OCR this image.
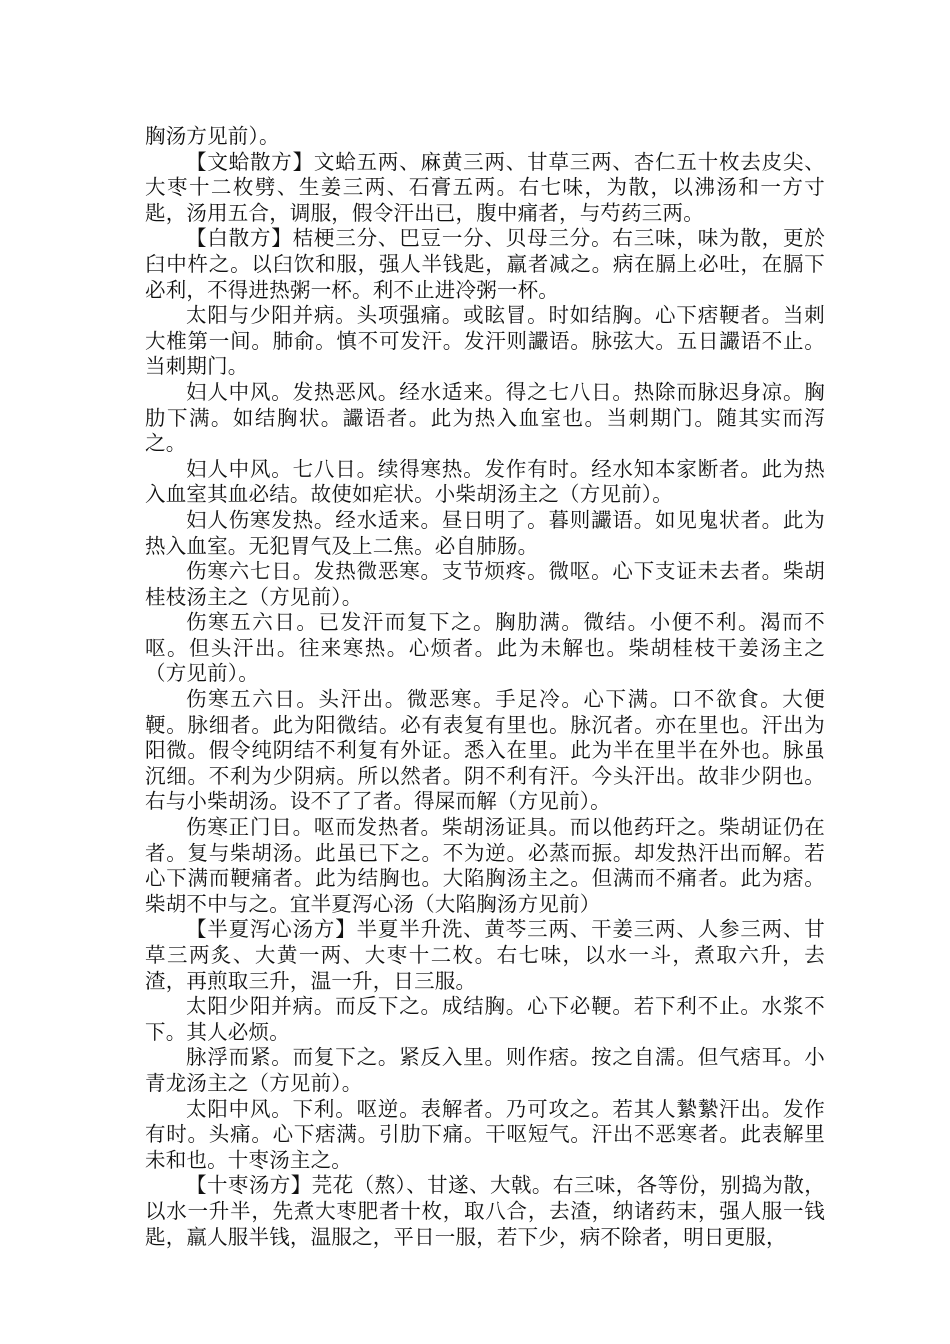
胸汤方见前）。

【文蛤散方】文蛤五两、麻黄三两、甘草三两、杏仁五十枚去皮尖、大枣十二枚劈、生姜三两、石膏五两。右七味，为散，以沸汤和一方寸匙，汤用五合，调服，假令汗出已，腹中痛者，与芍药三两。

【白散方】桔梗三分、巴豆一分、贝母三分。右三味，味为散，更於臼中杵之。以臼饮和服，强人半钱匙，羸者减之。病在膈上必吐，在膈下必利，不得进热粥一杯。利不止进冷粥一杯。

太阳与少阳并病。头项强痛。或眩冒。时如结胸。心下痞鞕者。当刺大椎第一间。肺俞。慎不可发汗。发汗则讝语。脉弦大。五日讝语不止。当刺期门。

妇人中风。发热恶风。经水适来。得之七八日。热除而脉迟身凉。胸肋下满。如结胸状。讝语者。此为热入血室也。当刺期门。随其实而泻之。

妇人中风。七八日。续得寒热。发作有时。经水知本家断者。此为热入血室其血必结。故使如疟状。小柴胡汤主之（方见前）。

妇人伤寒发热。经水适来。昼日明了。暮则讝语。如见鬼状者。此为热入血室。无犯胃气及上二焦。必自肺肠。

伤寒六七日。发热微恶寒。支节烦疼。微呕。心下支证未去者。柴胡桂枝汤主之（方见前）。

伤寒五六日。已发汗而复下之。胸肋满。微结。小便不利。渴而不呕。但头汗出。往来寒热。心烦者。此为未解也。柴胡桂枝干姜汤主之（方见前）。

伤寒五六日。头汗出。微恶寒。手足冷。心下满。口不欲食。大便鞕。脉细者。此为阳微结。必有表复有里也。脉沉者。亦在里也。汗出为阳微。假令纯阴结不利复有外证。悉入在里。此为半在里半在外也。脉虽沉细。不利为少阴病。所以然者。阴不利有汗。今头汗出。故非少阴也。右与小柴胡汤。设不了了者。得屎而解（方见前）。

伤寒正门日。呕而发热者。柴胡汤证具。而以他药玕之。柴胡证仍在者。复与柴胡汤。此虽已下之。不为逆。必蒸而振。却发热汗出而解。若心下满而鞕痛者。此为结胸也。大陷胸汤主之。但满而不痛者。此为痞。柴胡不中与之。宜半夏泻心汤（大陷胸汤方见前）

【半夏泻心汤方】半夏半升洗、黄芩三两、干姜三两、人参三两、甘草三两炙、大黄一两、大枣十二枚。右七味，以水一斗，煮取六升，去渣，再煎取三升，温一升，日三服。

太阳少阳并病。而反下之。成结胸。心下必鞕。若下利不止。水浆不下。其人必烦。

脉浮而紧。而复下之。紧反入里。则作痞。按之自濡。但气痞耳。小青龙汤主之（方见前）。

太阳中风。下利。呕逆。表解者。乃可攻之。若其人縶縶汗出。发作有时。头痛。心下痞满。引肋下痛。干呕短气。汗出不恶寒者。此表解里未和也。十枣汤主之。

【十枣汤方】芫花（熬）、甘遂、大戟。右三味，各等份，别捣为散，以水一升半，先煮大枣肥者十枚，取八合，去渣，纳诸药末，强人服一钱匙，羸人服半钱，温服之，平日一服，若下少，病不除者，明日更服，
